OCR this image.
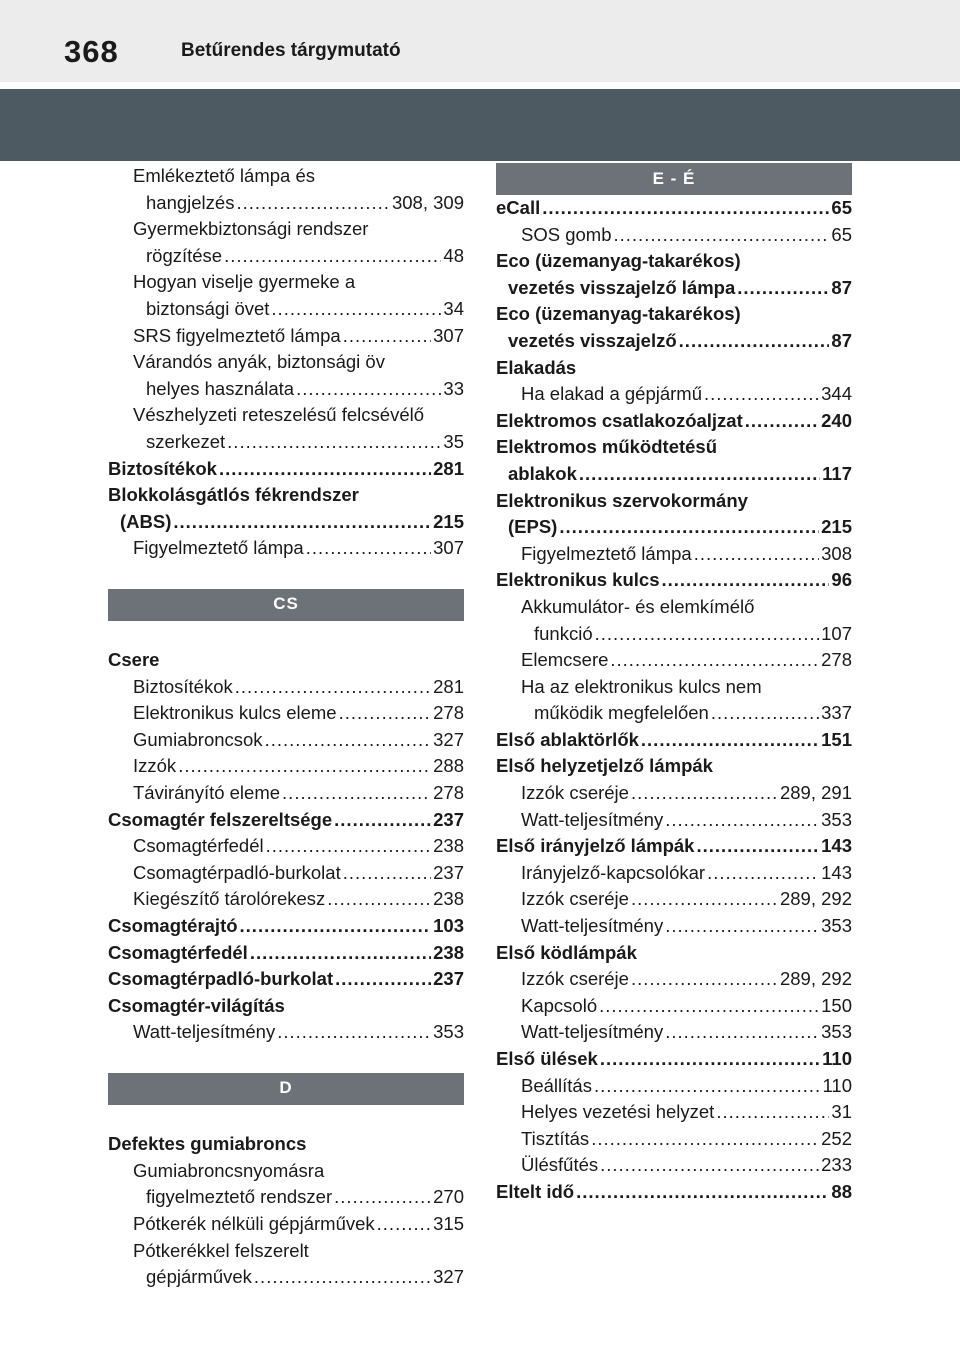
368	Betűrendes tárgymutató
Emlékeztető lámpa és
hangjelzés .....	308, 309
Gyermekbiztonsági rendszer
rögzítése .....	48
Hogyan viselje gyermeke a
biztonsági övet .....	34
SRS figyelmeztető lámpa .....	307
Várandós anyák, biztonsági öv
helyes használata .....	33
Vészhelyzeti reteszelésű felcsévélő
szerkezet .....	35
Biztosítékok .....	281
Blokkolásgátlós fékrendszer
(ABS) .....	215
Figyelmeztető lámpa .....	307
CS
Csere
Biztosítékok .....	281
Elektronikus kulcs eleme .....	278
Gumiabroncsok .....	327
Izzók .....	288
Távirányító eleme .....	278
Csomagtér felszereltsége .....	237
Csomagtérfedél .....	238
Csomagtérpadló-burkolat .....	237
Kiegészítő tárolórekesz .....	238
Csomagtérajtó .....	103
Csomagtérfedél .....	238
Csomagtérpadló-burkolat .....	237
Csomagtér-világítás
Watt-teljesítmény .....	353
D
Defektes gumiabroncs
Gumiabroncsnyomásra
figyelmeztető rendszer .....	270
Pótkerék nélküli gépjárművek .....	315
Pótkerékkel felszerelt
gépjárművek .....	327
E - É
eCall .....	65
SOS gomb .....	65
Eco (üzemanyag-takarékos)
vezetés visszajelző lámpa .....	87
Eco (üzemanyag-takarékos)
vezetés visszajelző .....	87
Elakadás
Ha elakad a gépjármű .....	344
Elektromos csatlakozóaljzat .....	240
Elektromos működtetésű
ablakok .....	117
Elektronikus szervokormány
(EPS) .....	215
Figyelmeztető lámpa .....	308
Elektronikus kulcs .....	96
Akkumulátor- és elemkímélő
funkció .....	107
Elemcsere .....	278
Ha az elektronikus kulcs nem
működik megfelelően .....	337
Első ablaktörlők .....	151
Első helyzetjelző lámpák
Izzók cseréje .....	289, 291
Watt-teljesítmény .....	353
Első irányjelző lámpák .....	143
Irányjelző-kapcsolókar .....	143
Izzók cseréje .....	289, 292
Watt-teljesítmény .....	353
Első ködlámpák
Izzók cseréje .....	289, 292
Kapcsoló .....	150
Watt-teljesítmény .....	353
Első ülések .....	110
Beállítás .....	110
Helyes vezetési helyzet .....	31
Tisztítás .....	252
Ülésfűtés .....	233
Eltelt idő .....	88
